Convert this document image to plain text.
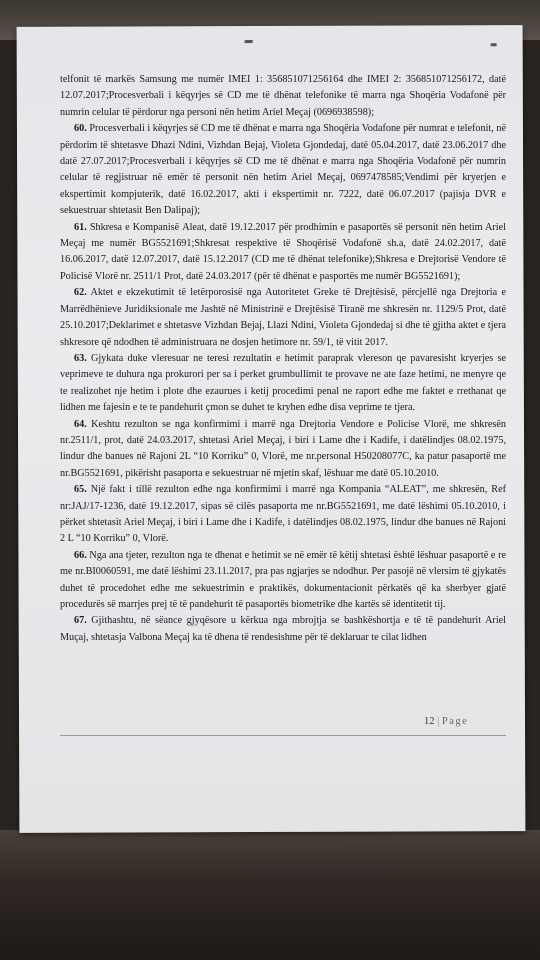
telfonit të markës Samsung me numër IMEI 1: 356851071256164 dhe IMEI 2: 356851071256172, datë 12.07.2017;Procesverbali i kёqyrjes sё CD me tё dhёnat telefonike tё marra nga Shoqёria Vodafonё pёr numrin celular tё pёrdorur nga personi nёn hetim Ariel Meçaj (0696938598);

60. Procesverbali i kёqyrjes sё CD me tё dhёnat e marra nga Shoqёria Vodafone pёr numrat e telefonit, nё pёrdorim tё shtetasve Dhazi Ndini, Vizhdan Bejaj, Violeta Gjondedaj, datё 05.04.2017, datё 23.06.2017 dhe datё 27.07.2017;Procesverbali i kёqyrjes sё CD me tё dhёnat e marra nga Shoqёria Vodafonё pёr numrin celular tё regjistruar nё emёr tё personit nёn hetim Ariel Meçaj, 0697478585;Vendimi pёr kryerjen e ekspertimit kompjuterik, datё 16.02.2017, akti i ekspertimit nr. 7222, datё 06.07.2017 (pajisja DVR e sekuestruar shtetasit Ben Dalipaj);

61. Shkresa e Kompanisё Aleat, datё 19.12.2017 pёr prodhimin e pasaportёs sё personit nёn hetim Ariel Meçaj me numёr BG5521691;Shkresat respektive tё Shoqёrisё Vodafonё sh.a, datё 24.02.2017, datё 16.06.2017, datё 12.07.2017, datё 15.12.2017 (CD me tё dhёnat telefonike);Shkresa e Drejtorisё Vendore tё Policisё Vlorё nr. 2511/1 Prot, datё 24.03.2017 (pёr tё dhёnat e pasportёs me numёr BG5521691);

62. Aktet e ekzekutimit tё letёrporosisё nga Autoritetet Greke tё Drejtёsisё, pёrcjellё nga Drejtoria e Marrёdhёnieve Juridiksionale me Jashtё nё Ministrinё e Drejtёsisё Tiranё me shkresёn nr. 1129/5 Prot, datё 25.10.2017;Deklarimet e shtetasve Vizhdan Bejaj, Llazi Ndini, Violeta Gjondedaj si dhe tё gjitha aktet e tjera shkresore qё ndodhen tё administruara ne dosjen hetimore nr. 59/1, tё vitit 2017.

63. Gjykata duke vleresuar ne teresi rezultatin e hetimit paraprak vlereson qe pavaresisht kryerjes se veprimeve te duhura nga prokurori per sa i perket grumbullimit te provave ne ate faze hetimi, ne menyre qe te realizohet nje hetim i plote dhe ezaurues i ketij procedimi penal ne raport edhe me faktet e rrethanat qe lidhen me fajesin e te te pandehurit çmon se duhet te kryhen edhe disa veprime te tjera.

64. Keshtu rezulton se nga konfirmimi i marrё nga Drejtoria Vendore e Policise Vlorё, me shkresёn nr.2511/1, prot, datё 24.03.2017, shtetasi Ariel Meçaj, i biri i Lame dhe i Kadife, i datёlindjes 08.02.1975, lindur dhe banues nё Rajoni 2L “10 Korriku” 0, Vlorё, me nr.personal H50208077C, ka patur pasaportё me nr.BG5521691, pikёrisht pasaporta e sekuestruar nё mjetin skaf, lёshuar me datё 05.10.2010.

65. Njё fakt i tillё rezulton edhe nga konfirmimi i marrё nga Kompania “ALEAT”, me shkresёn, Ref nr:JAJ/17-1236, datё 19.12.2017, sipas sё cilёs pasaporta me nr.BG5521691, me datё lёshimi 05.10.2010, i pёrket shtetasit Ariel Meçaj, i biri i Lame dhe i Kadife, i datёlindjes 08.02.1975, lindur dhe banues nё Rajoni 2 L “10 Korriku” 0, Vlorё.

66. Nga ana tjeter, rezulton nga te dhenat e hetimit se nё emёr tё kёtij shtetasi ёshtё lёshuar pasaportё e re me nr.BI0060591, me datё lёshimi 23.11.2017, pra pas ngjarjes se ndodhur. Per pasojё nё vlersim tё gjykatёs duhet tё procedohet edhe me sekuestrimin e praktikёs, dokumentacionit pёrkatёs qё ka sherbyer gjatё procedurёs sё marrjes prej tё tё pandehurit tё pasaportёs biometrike dhe kartёs sё identitetit tij.

67. Gjithashtu, nё sёance gjyqёsore u kёrkua nga mbrojtja se bashkёshortja e tё tё pandehurit Ariel Muçaj, shtetasja Valbona Meçaj ka tё dhena tё rendesishme pёr tё deklaruar te cilat lidhen

12 | Page
